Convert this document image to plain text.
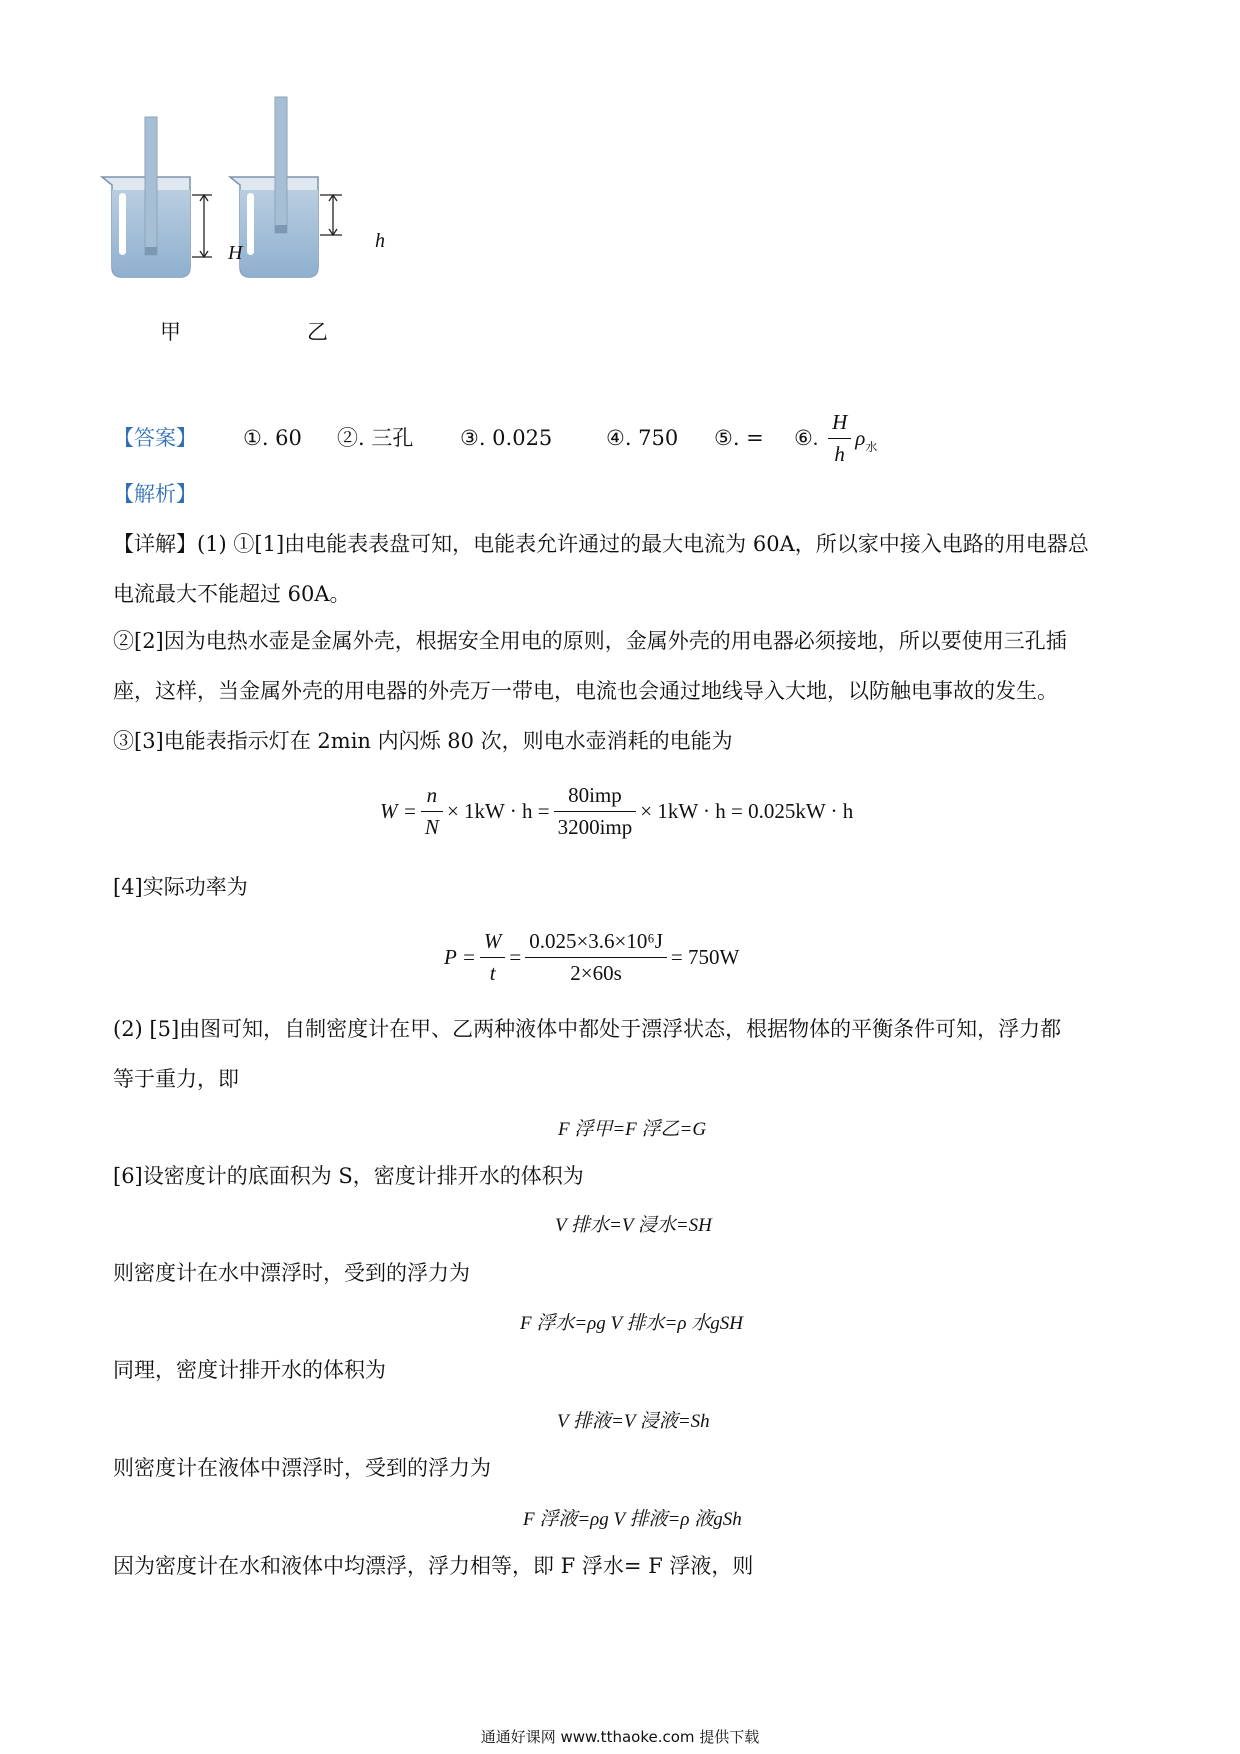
H
h
甲	乙
【答案】 ①. 60 ②. 三孔 ③. 0.025	④. 750 ⑤. = ⑥. $\frac{H}{h}$ ρ 水
【解析】
【详解】(1) ①[1]由电能表表盘可知，电能表允许通过的最大电流为 60A，所以家中接入电路的用电器总
电流最大不能超过 60A。
②[2]因为电热水壶是金属外壳，根据安全用电的原则，金属外壳的用电器必须接地，所以要使用三孔插
座，这样，当金属外壳的用电器的外壳万一带电，电流也会通过地线导入大地，以防触电事故的发生。
③[3]电能表指示灯在 2min 内闪烁 80 次，则电水壶消耗的电能为
$W = \frac{n}{N} \times 1kW \cdot h = \frac{\text{80imp}}{\text{3200imp}} \times 1kW \cdot h = 0.025kW \cdot h$
[4]实际功率为
$P = \frac{W}{t} = \frac{\text{0.025×3.6×10⁶J}}{2\times 60s} = 750W$
(2) [5]由图可知，自制密度计在甲、乙两种液体中都处于漂浮状态，根据物体的平衡条件可知，浮力都
等于重力，即
F 浮甲=F 浮乙=G
[6]设密度计的底面积为 S，密度计排开水的体积为
V 排水=V 浸水=SH
则密度计在水中漂浮时，受到的浮力为
F 浮水=ρg V 排水=ρ 水gSH
同理，密度计排开水的体积为
V 排液=V 浸液=Sh
则密度计在液体中漂浮时，受到的浮力为
F 浮液=ρg V 排液=ρ 液gSh
因为密度计在水和液体中均漂浮，浮力相等，即 F 浮水= F 浮液，则
通通好课网 www.tthaoke.com 提供下载
